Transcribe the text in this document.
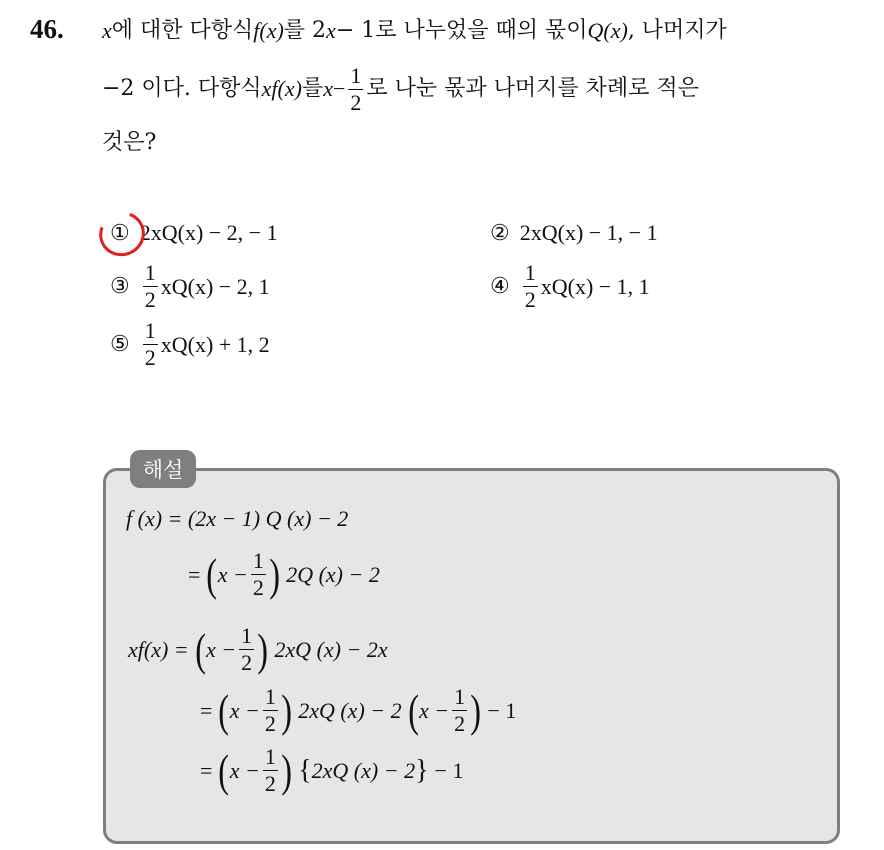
46. x 에 대한 다항식 f(x) 를 2 x − 1로 나누었을 때의 몫이 Q(x) , 나머지가
−2 이다. 다항식 xf(x) 를 $x - \frac{1}{2}$ 로 나눈 몫과 나머지를 차례로 적은
것은?
① 2xQ(x) − 2, − 1	② 2xQ(x) − 1, − 1
③ $\frac{1}{2} xQ(x) - 2$, 1	④ $\frac{1}{2} xQ(x) - 1$, 1
⑤ $\frac{1}{2} xQ(x) + 1$, 2
해설
f (x) = (2x − 1) Q (x) − 2
= ( $x - \frac{1}{2}$ ) 2Q (x) − 2
xf(x) = ( $x - \frac{1}{2}$ ) 2xQ (x) − 2x
= ( $x - \frac{1}{2}$ ) 2xQ (x) − 2 ( $x - \frac{1}{2}$ ) − 1
= ( $x - \frac{1}{2}$ ) { 2xQ (x) − 2 } − 1
